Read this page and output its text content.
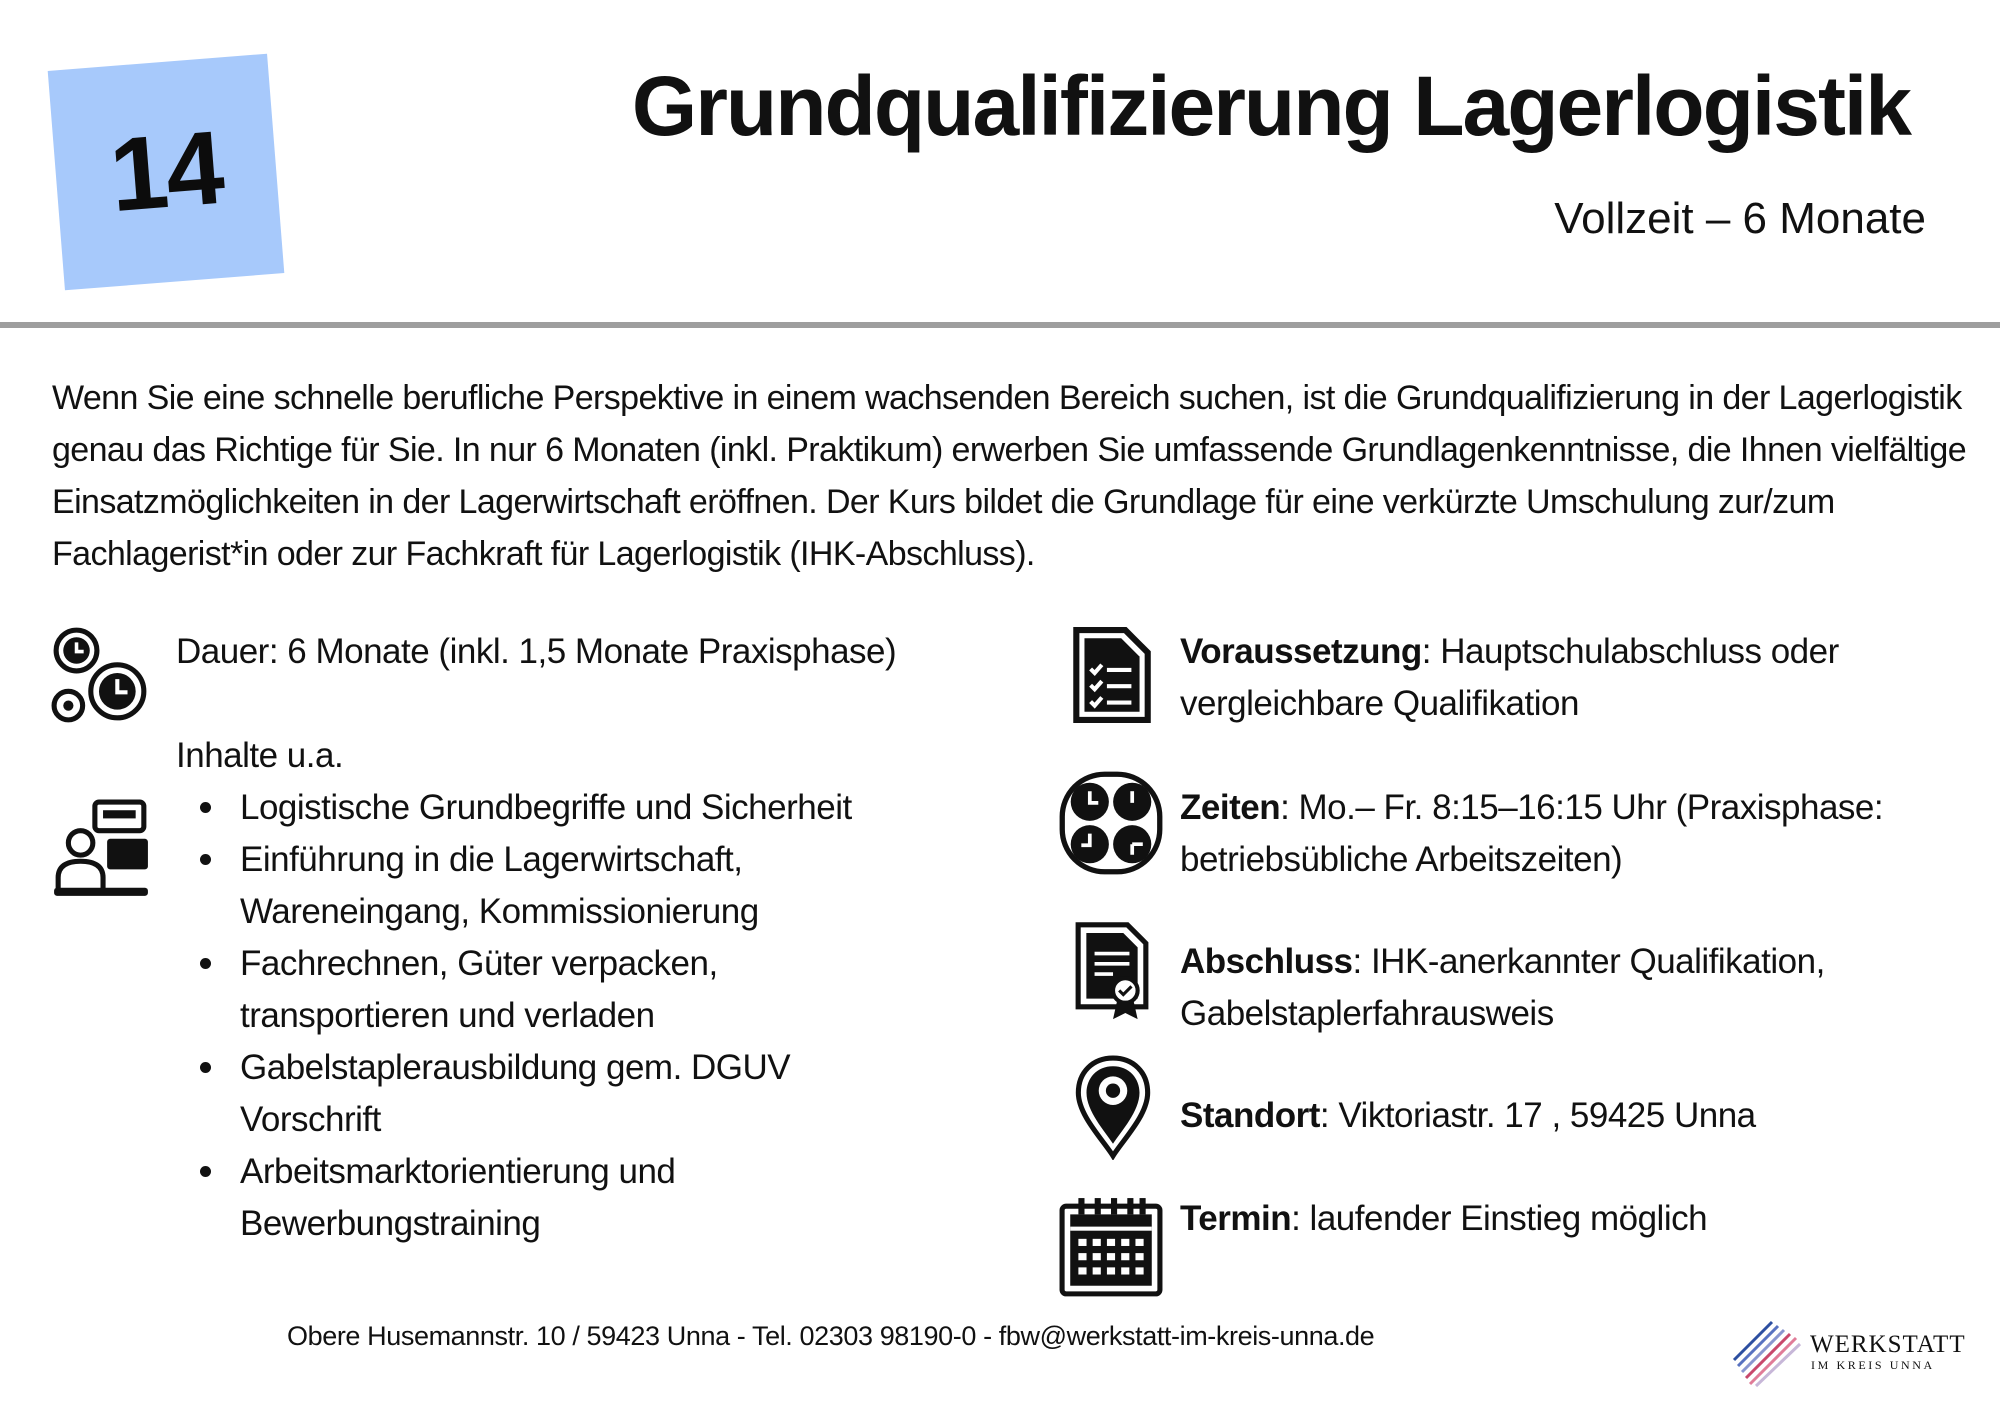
14
Grundqualifizierung Lagerlogistik
Vollzeit – 6 Monate

Wenn Sie eine schnelle berufliche Perspektive in einem wachsenden Bereich suchen, ist die Grundqualifizierung in der Lagerlogistik genau das Richtige für Sie. In nur 6 Monaten (inkl. Praktikum) erwerben Sie umfassende Grundlagenkenntnisse, die Ihnen vielfältige Einsatzmöglichkeiten in der Lagerwirtschaft eröffnen. Der Kurs bildet die Grundlage für eine verkürzte Umschulung zur/zum Fachlagerist*in oder zur Fachkraft für Lagerlogistik (IHK-Abschluss).

Dauer: 6 Monate (inkl. 1,5 Monate Praxisphase)
Inhalte u.a.
Logistische Grundbegriffe und Sicherheit
Einführung in die Lagerwirtschaft, Wareneingang, Kommissionierung
Fachrechnen, Güter verpacken, transportieren und verladen
Gabelstaplerausbildung gem. DGUV Vorschrift
Arbeitsmarktorientierung und Bewerbungstraining
Voraussetzung: Hauptschulabschluss oder vergleichbare Qualifikation
Zeiten: Mo.– Fr. 8:15–16:15 Uhr (Praxisphase: betriebsübliche Arbeitszeiten)
Abschluss: IHK-anerkannter Qualifikation, Gabelstaplerfahrausweis
Standort: Viktoriastr. 17 , 59425 Unna
Termin: laufender Einstieg möglich
Obere Husemannstr. 10 / 59423 Unna - Tel. 02303 98190-0 - fbw@werkstatt-im-kreis-unna.de	WERKSTATT
IM KREIS UNNA
